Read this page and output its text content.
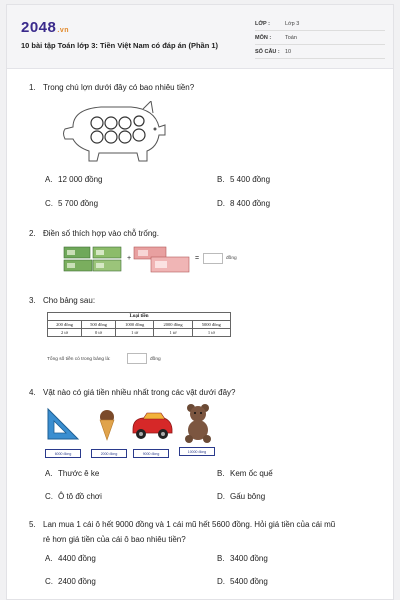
2048.vn
10 bài tập Toán lớp 3: Tiền Việt Nam có đáp án (Phần 1)
LỚP :	Lớp 3
MÔN :	Toán
SỐ CÂU : 10
1. Trong chú lợn dưới đây có bao nhiêu tiền?
A. 12 000 đồng	B. 5 400 đồng
C. 5 700 đồng	D. 8 400 đồng
2. Điền số thích hợp vào chỗ trống.
+	=	đồng
3. Cho bảng sau:
Loại tiền				
200 đồng	500 đồng	1000 đồng	2000 đồng	5000 đồng
2 tờ	0 tờ	1 tờ	1 tờ	1 tờ
Tổng số tiền có trong bảng là:	đồng
4. Vật nào có giá tiền nhiều nhất trong các vật dưới đây?
6000 đồng	2000 đồng	9000 đồng	10000 đồng
A. Thước ê ke	B. Kem ốc quế
C. Ô tô đồ chơi	D. Gấu bông
5. Lan mua 1 cái ô hết 9000 đồng và 1 cái mũ hết 5600 đồng. Hỏi giá tiền của cái mũ
rẻ hơn giá tiền của cái ô bao nhiêu tiền?
A. 4400 đồng	B. 3400 đồng
C. 2400 đồng	D. 5400 đồng
